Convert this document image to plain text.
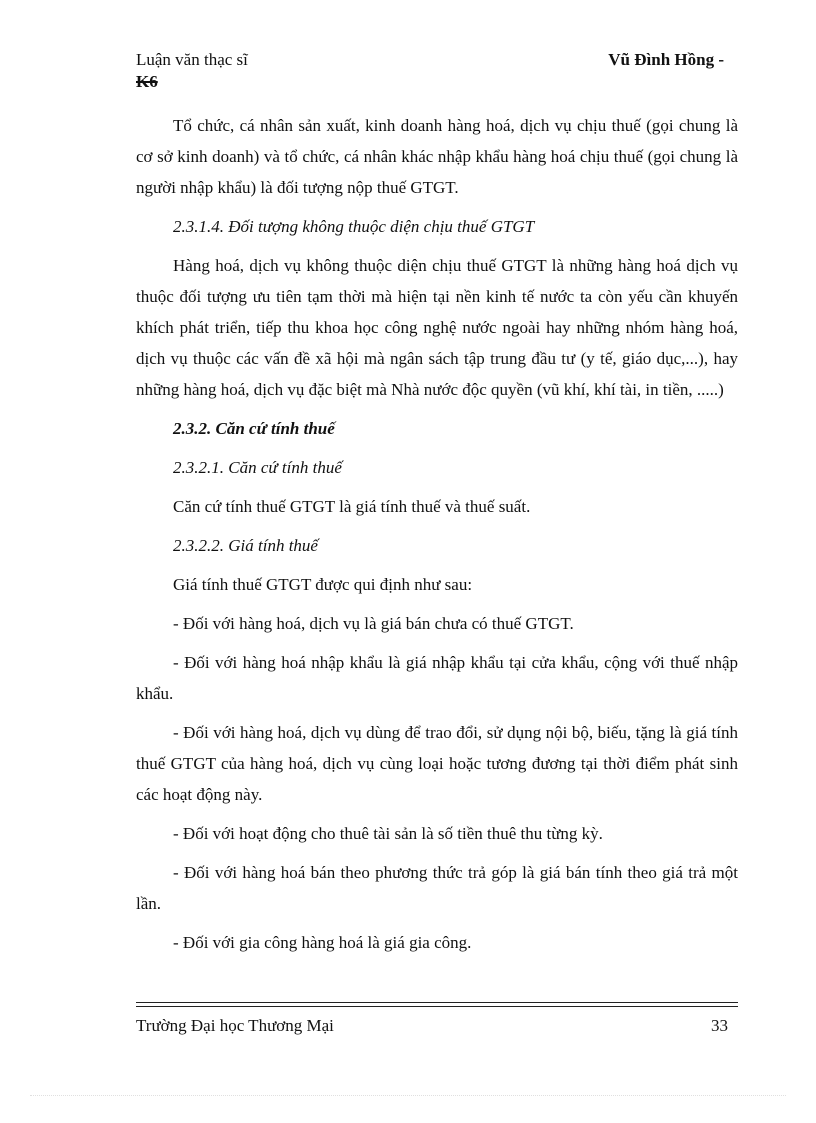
Luận văn thạc sĩ	Vũ Đình Hồng -
K6

Tổ chức, cá nhân sản xuất, kinh doanh hàng hoá, dịch vụ chịu thuế (gọi chung là cơ sở kinh doanh) và tổ chức, cá nhân khác nhập khẩu hàng hoá chịu thuế (gọi chung là người nhập khẩu) là đối tượng nộp thuế GTGT.

2.3.1.4. Đối tượng không thuộc diện chịu thuế GTGT

Hàng hoá, dịch vụ không thuộc diện chịu thuế GTGT là những hàng hoá dịch vụ thuộc đối tượng ưu tiên tạm thời mà hiện tại nền kinh tế nước ta còn yếu cần khuyến khích phát triển, tiếp thu khoa học công nghệ nước ngoài hay những nhóm hàng hoá, dịch vụ thuộc các vấn đề xã hội mà ngân sách tập trung đầu tư (y tế, giáo dục,...), hay những hàng hoá, dịch vụ đặc biệt mà Nhà nước độc quyền (vũ khí, khí tài, in tiền, .....)

2.3.2. Căn cứ tính thuế

2.3.2.1. Căn cứ tính thuế

Căn cứ tính thuế GTGT là giá tính thuế và thuế suất.

2.3.2.2. Giá tính thuế

Giá tính thuế GTGT được qui định như sau:

- Đối với hàng hoá, dịch vụ là giá bán chưa có thuế GTGT.

- Đối với hàng hoá nhập khẩu là giá nhập khẩu tại cửa khẩu, cộng với thuế nhập khẩu.

- Đối với hàng hoá, dịch vụ dùng để trao đổi, sử dụng nội bộ, biếu, tặng là giá tính thuế GTGT của hàng hoá, dịch vụ cùng loại hoặc tương đương tại thời điểm phát sinh các hoạt động này.

- Đối với hoạt động cho thuê tài sản là số tiền thuê thu từng kỳ.

- Đối với hàng hoá bán theo phương thức trả góp là giá bán tính theo giá trả một lần.

- Đối với gia công hàng hoá là giá gia công.

Trường Đại học Thương Mại	33
